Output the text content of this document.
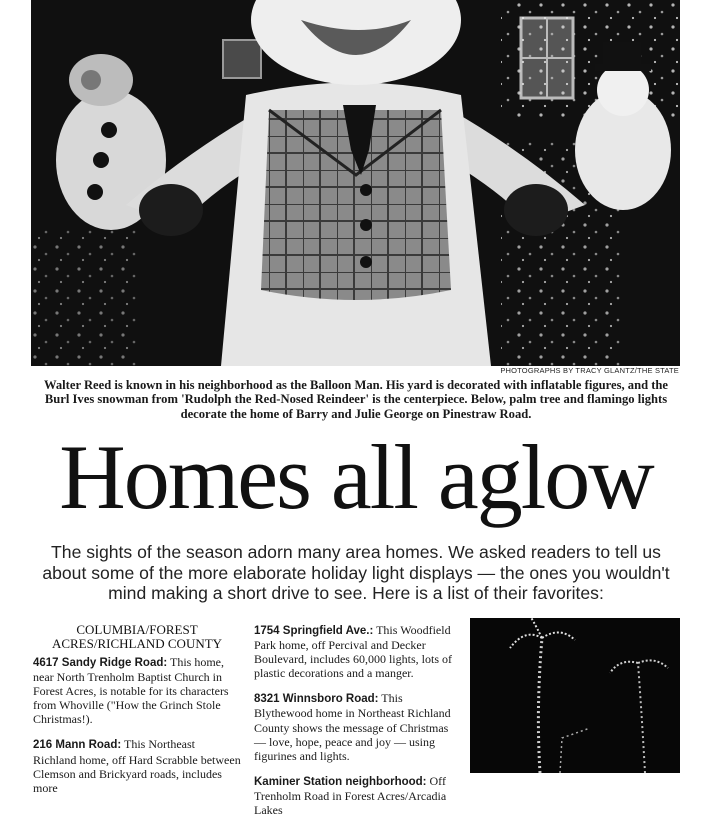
PHOTOGRAPHS BY TRACY GLANTZ/THE STATE
Walter Reed is known in his neighborhood as the Balloon Man. His yard is decorated with inflatable figures, and the Burl Ives snowman from 'Rudolph the Red-Nosed Reindeer' is the centerpiece. Below, palm tree and flamingo lights decorate the home of Barry and Julie George on Pinestraw Road.
Homes all aglow
The sights of the season adorn many area homes. We asked readers to tell us about some of the more elaborate holiday light displays — the ones you wouldn't mind making a short drive to see. Here is a list of their favorites:
COLUMBIA/FOREST ACRES/RICHLAND COUNTY
4617 Sandy Ridge Road: This home, near North Trenholm Baptist Church in Forest Acres, is notable for its characters from Whoville ("How the Grinch Stole Christmas!).
216 Mann Road: This Northeast Richland home, off Hard Scrabble between Clemson and Brickyard roads, includes more
1754 Springfield Ave.: This Woodfield Park home, off Percival and Decker Boulevard, includes 60,000 lights, lots of plastic decorations and a manger.
8321 Winnsboro Road: This Blythewood home in Northeast Richland County shows the message of Christmas — love, hope, peace and joy — using figurines and lights.
Kaminer Station neighborhood: Off Trenholm Road in Forest Acres/Arcadia Lakes
